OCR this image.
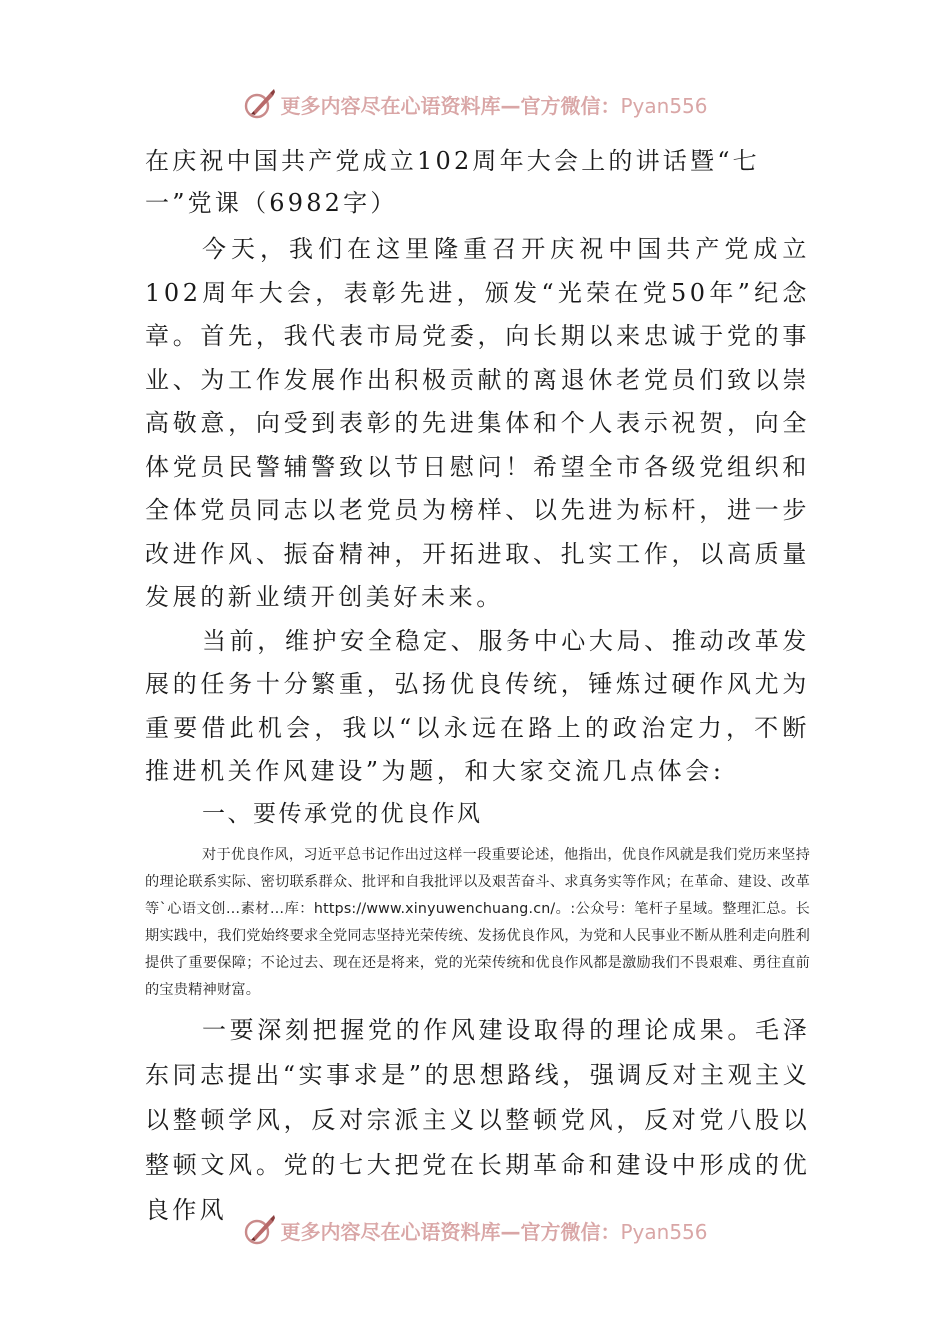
更多内容尽在心语资料库—官方微信：Pyan556

在庆祝中国共产党成立102周年大会上的讲话暨“七一”党课（6982字）

今天，我们在这里隆重召开庆祝中国共产党成立102周年大会，表彰先进，颁发“光荣在党50年”纪念章。首先，我代表市局党委，向长期以来忠诚于党的事业、为工作发展作出积极贡献的离退休老党员们致以崇高敬意，向受到表彰的先进集体和个人表示祝贺，向全体党员民警辅警致以节日慰问！希望全市各级党组织和全体党员同志以老党员为榜样、以先进为标杆，进一步改进作风、振奋精神，开拓进取、扎实工作，以高质量发展的新业绩开创美好未来。

当前，维护安全稳定、服务中心大局、推动改革发展的任务十分繁重，弘扬优良传统，锤炼过硬作风尤为重要借此机会，我以“以永远在路上的政治定力，不断推进机关作风建设”为题，和大家交流几点体会:

一、要传承党的优良作风

对于优良作风，习近平总书记作出过这样一段重要论述，他指出，优良作风就是我们党历来坚持的理论联系实际、密切联系群众、批评和自我批评以及艰苦奋斗、求真务实等作风；在革命、建设、改革等`心语文创…素材…库：https://www.xinyuwenchuang.cn/。:公众号：笔杆子星域。整理汇总。长期实践中，我们党始终要求全党同志坚持光荣传统、发扬优良作风，为党和人民事业不断从胜利走向胜利提供了重要保障；不论过去、现在还是将来，党的光荣传统和优良作风都是激励我们不畏艰难、勇往直前的宝贵精神财富。

一要深刻把握党的作风建设取得的理论成果。毛泽东同志提出“实事求是”的思想路线，强调反对主观主义以整顿学风，反对宗派主义以整顿党风，反对党八股以整顿文风。党的七大把党在长期革命和建设中形成的优良作风

更多内容尽在心语资料库—官方微信：Pyan556
